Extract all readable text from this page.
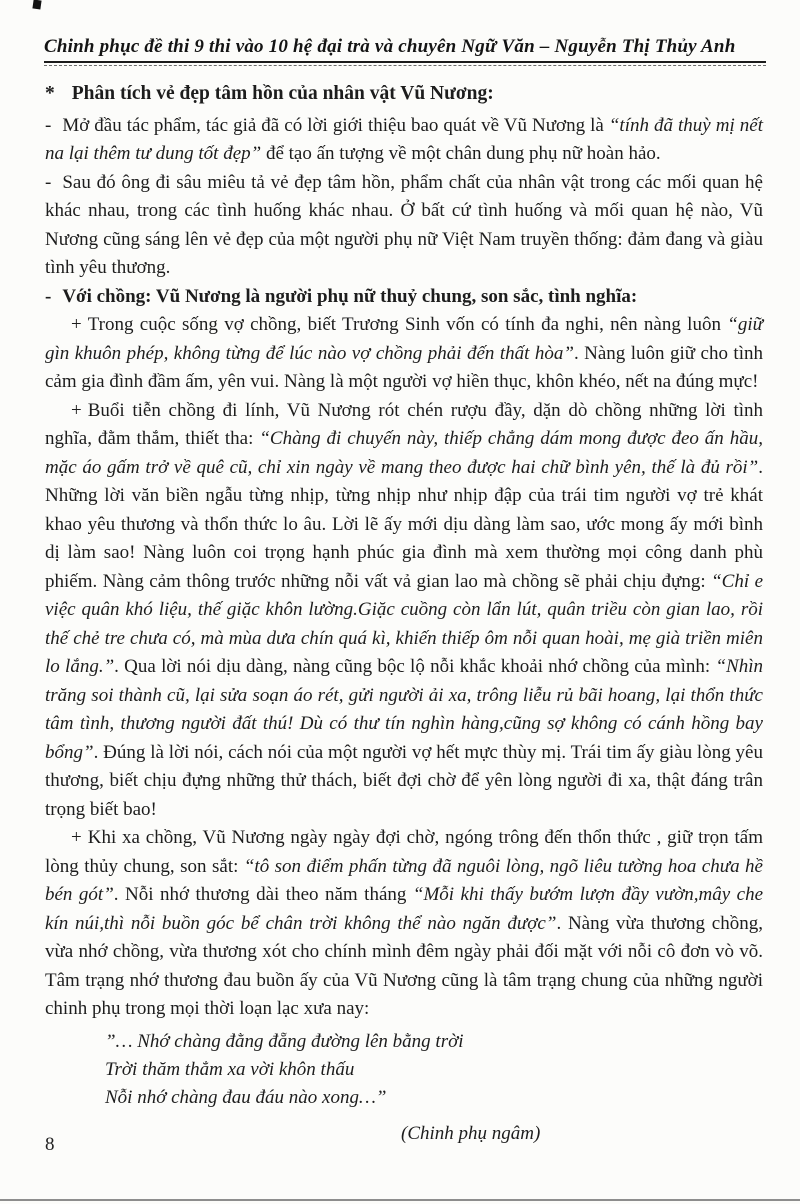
Chinh phục đề thi 9 thi vào 10 hệ đại trà và chuyên Ngữ Văn – Nguyễn Thị Thủy Anh

* Phân tích vẻ đẹp tâm hồn của nhân vật Vũ Nương:

- Mở đầu tác phẩm, tác giả đã có lời giới thiệu bao quát về Vũ Nương là “tính đã thuỳ mị nết na lại thêm tư dung tốt đẹp” để tạo ấn tượng về một chân dung phụ nữ hoàn hảo.

- Sau đó ông đi sâu miêu tả vẻ đẹp tâm hồn, phẩm chất của nhân vật trong các mối quan hệ khác nhau, trong các tình huống khác nhau. Ở bất cứ tình huống và mối quan hệ nào, Vũ Nương cũng sáng lên vẻ đẹp của một người phụ nữ Việt Nam truyền thống: đảm đang và giàu tình yêu thương.

- Với chồng: Vũ Nương là người phụ nữ thuỷ chung, son sắc, tình nghĩa:

+ Trong cuộc sống vợ chồng, biết Trương Sinh vốn có tính đa nghi, nên nàng luôn “giữ gìn khuôn phép, không từng để lúc nào vợ chồng phải đến thất hòa”. Nàng luôn giữ cho tình cảm gia đình đầm ấm, yên vui. Nàng là một người vợ hiền thục, khôn khéo, nết na đúng mực!

+ Buổi tiễn chồng đi lính, Vũ Nương rót chén rượu đầy, dặn dò chồng những lời tình nghĩa, đằm thắm, thiết tha: “Chàng đi chuyến này, thiếp chẳng dám mong được đeo ấn hầu, mặc áo gấm trở về quê cũ, chỉ xin ngày về mang theo được hai chữ bình yên, thế là đủ rồi”. Những lời văn biền ngẫu từng nhịp, từng nhịp như nhịp đập của trái tim người vợ trẻ khát khao yêu thương và thổn thức lo âu. Lời lẽ ấy mới dịu dàng làm sao, ước mong ấy mới bình dị làm sao! Nàng luôn coi trọng hạnh phúc gia đình mà xem thường mọi công danh phù phiếm. Nàng cảm thông trước những nỗi vất vả gian lao mà chồng sẽ phải chịu đựng: “Chỉ e việc quân khó liệu, thế giặc khôn lường.Giặc cuồng còn lẩn lút, quân triều còn gian lao, rồi thế chẻ tre chưa có, mà mùa dưa chín quá kì, khiến thiếp ôm nỗi quan hoài, mẹ già triền miên lo lắng.”. Qua lời nói dịu dàng, nàng cũng bộc lộ nỗi khắc khoải nhớ chồng của mình: “Nhìn trăng soi thành cũ, lại sửa soạn áo rét, gửi người ải xa, trông liễu rủ bãi hoang, lại thổn thức tâm tình, thương người đất thú! Dù có thư tín nghìn hàng,cũng sợ không có cánh hồng bay bổng”. Đúng là lời nói, cách nói của một người vợ hết mực thùy mị. Trái tim ấy giàu lòng yêu thương, biết chịu đựng những thử thách, biết đợi chờ để yên lòng người đi xa, thật đáng trân trọng biết bao!

+ Khi xa chồng, Vũ Nương ngày ngày đợi chờ, ngóng trông đến thổn thức , giữ trọn tấm lòng thủy chung, son sắt: “tô son điểm phấn từng đã nguôi lòng, ngõ liêu tường hoa chưa hề bén gót”. Nỗi nhớ thương dài theo năm tháng “Mỗi khi thấy bướm lượn đầy vườn,mây che kín núi,thì nỗi buồn góc bể chân trời không thể nào ngăn được”. Nàng vừa thương chồng, vừa nhớ chồng, vừa thương xót cho chính mình đêm ngày phải đối mặt với nỗi cô đơn vò võ. Tâm trạng nhớ thương đau buồn ấy của Vũ Nương cũng là tâm trạng chung của những người chinh phụ trong mọi thời loạn lạc xưa nay:

”… Nhớ chàng đằng đẵng đường lên bằng trời
Trời thăm thẳm xa vời khôn thấu
Nỗi nhớ chàng đau đáu nào xong…”
(Chinh phụ ngâm)
8
